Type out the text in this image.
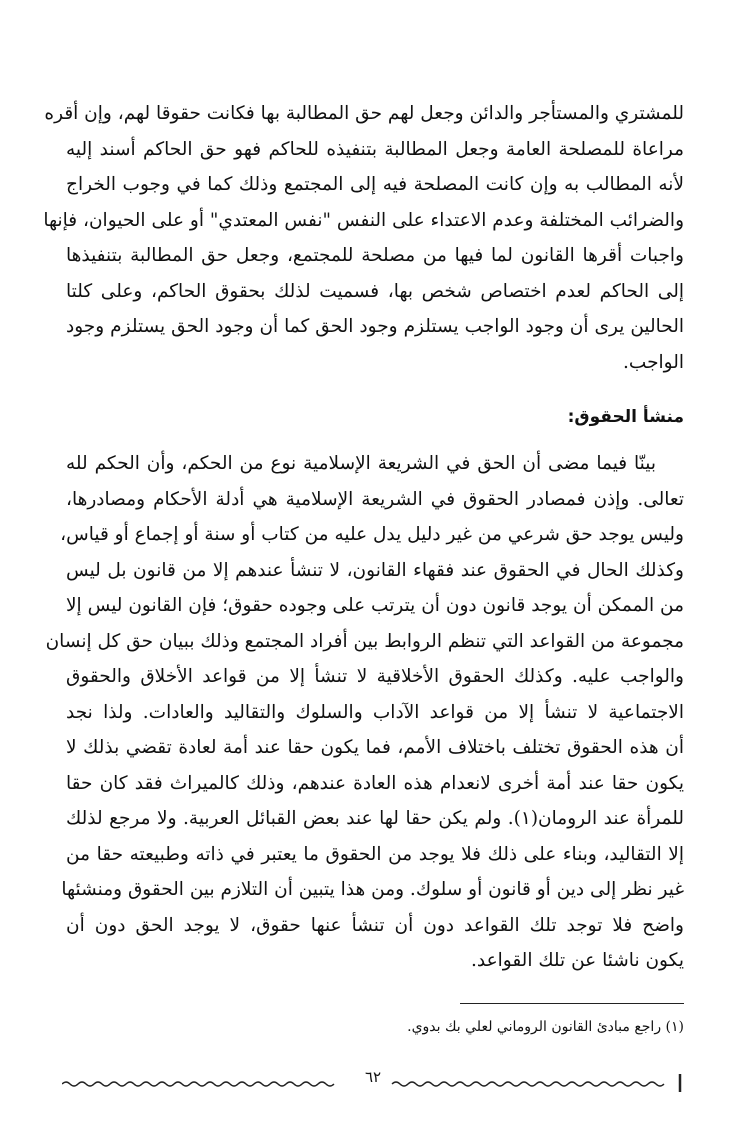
للمشتري والمستأجر والدائن وجعل لهم حق المطالبة بها فكانت حقوقا لهم، وإن أقره
مراعاة للمصلحة العامة وجعل المطالبة بتنفيذه للحاكم فهو حق الحاكم أسند إليه
لأنه المطالب به وإن كانت المصلحة فيه إلى المجتمع وذلك كما في وجوب الخراج
والضرائب المختلفة وعدم الاعتداء على النفس "نفس المعتدي" أو على الحيوان، فإنها
واجبات أقرها القانون لما فيها من مصلحة للمجتمع، وجعل حق المطالبة بتنفيذها
إلى الحاكم لعدم اختصاص شخص بها، فسميت لذلك بحقوق الحاكم، وعلى كلتا
الحالين يرى أن وجود الواجب يستلزم وجود الحق كما أن وجود الحق يستلزم وجود
الواجب.
منشأ الحقوق:
بينّا فيما مضى أن الحق في الشريعة الإسلامية نوع من الحكم، وأن الحكم لله
تعالى. وإذن فمصادر الحقوق في الشريعة الإسلامية هي أدلة الأحكام ومصادرها،
وليس يوجد حق شرعي من غير دليل يدل عليه من كتاب أو سنة أو إجماع أو قياس،
وكذلك الحال في الحقوق عند فقهاء القانون، لا تنشأ عندهم إلا من قانون بل ليس
من الممكن أن يوجد قانون دون أن يترتب على وجوده حقوق؛ فإن القانون ليس إلا
مجموعة من القواعد التي تنظم الروابط بين أفراد المجتمع وذلك ببيان حق كل إنسان
والواجب عليه. وكذلك الحقوق الأخلاقية لا تنشأ إلا من قواعد الأخلاق والحقوق
الاجتماعية لا تنشأ إلا من قواعد الآداب والسلوك والتقاليد والعادات. ولذا نجد
أن هذه الحقوق تختلف باختلاف الأمم، فما يكون حقا عند أمة لعادة تقضي بذلك لا
يكون حقا عند أمة أخرى لانعدام هذه العادة عندهم، وذلك كالميراث فقد كان حقا
للمرأة عند الرومان(١). ولم يكن حقا لها عند بعض القبائل العربية. ولا مرجع لذلك
إلا التقاليد، وبناء على ذلك فلا يوجد من الحقوق ما يعتبر في ذاته وطبيعته حقا من
غير نظر إلى دين أو قانون أو سلوك. ومن هذا يتبين أن التلازم بين الحقوق ومنشئها
واضح فلا توجد تلك القواعد دون أن تنشأ عنها حقوق، لا يوجد الحق دون أن
يكون ناشئا عن تلك القواعد.
(١) راجع مبادئ القانون الروماني لعلي بك بدوي.
٦٢
